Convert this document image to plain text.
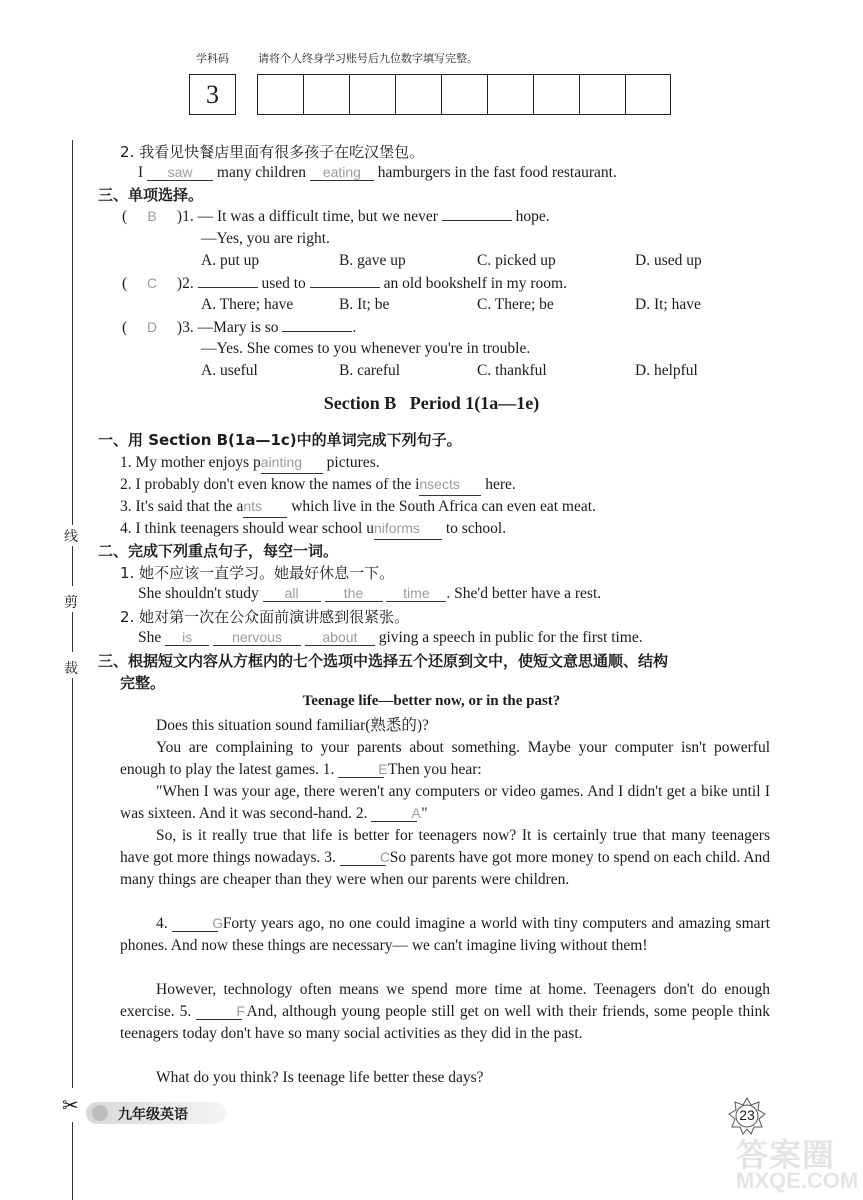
学科码	请将个人终身学习账号后九位数字填写完整。
3
2. 我看见快餐店里面有很多孩子在吃汉堡包。
I saw many children eating hamburgers in the fast food restaurant.
三、单项选择。
( B )1. — It was a difficult time, but we never	hope.
—Yes, you are right.
A. put up	B. gave up	C. picked up	D. used up
( C )2.	used to	an old bookshelf in my room.
A. There; have	B. It; be	C. There; be	D. It; have
( D )3. —Mary is so	.
—Yes. She comes to you whenever you're in trouble.
A. useful	B. careful	C. thankful	D. helpful
Section B   Period 1(1a—1e)
一、用 Section B(1a—1c)中的单词完成下列句子。
1. My mother enjoys painting pictures.
2. I probably don't even know the names of the insects here.
3. It's said that the ants which live in the South Africa can even eat meat.
4. I think teenagers should wear school uniforms to school.
二、完成下列重点句子，每空一词。
1. 她不应该一直学习。她最好休息一下。
She shouldn't study all	the	time . She'd better have a rest.
2. 她对第一次在公众面前演讲感到很紧张。
She is	nervous	about giving a speech in public for the first time.
三、根据短文内容从方框内的七个选项中选择五个还原到文中，使短文意思通顺、结构
完整。
Teenage life—better now, or in the past?
Does this situation sound familiar(熟悉的)?
You are complaining to your parents about something. Maybe your computer isn't powerful enough to play the latest games. 1.	E Then you hear:
"When I was your age, there weren't any computers or video games. And I didn't get a bike until I was sixteen. And it was second-hand. 2.	A "
So, is it really true that life is better for teenagers now? It is certainly true that many teenagers have got more things nowadays. 3.	C So parents have got more money to spend on each child. And many things are cheaper than they were when our parents were children.
4.	G Forty years ago, no one could imagine a world with tiny computers and amazing smart phones. And now these things are necessary— we can't imagine living without them!
However, technology often means we spend more time at home. Teenagers don't do enough exercise. 5.	F And, although young people still get on well with their friends, some people think teenagers today don't have so many social activities as they did in the past.
What do you think? Is teenage life better these days?
线
剪
裁
✂	九年级英语	23
答案圈
MXQE.COM
